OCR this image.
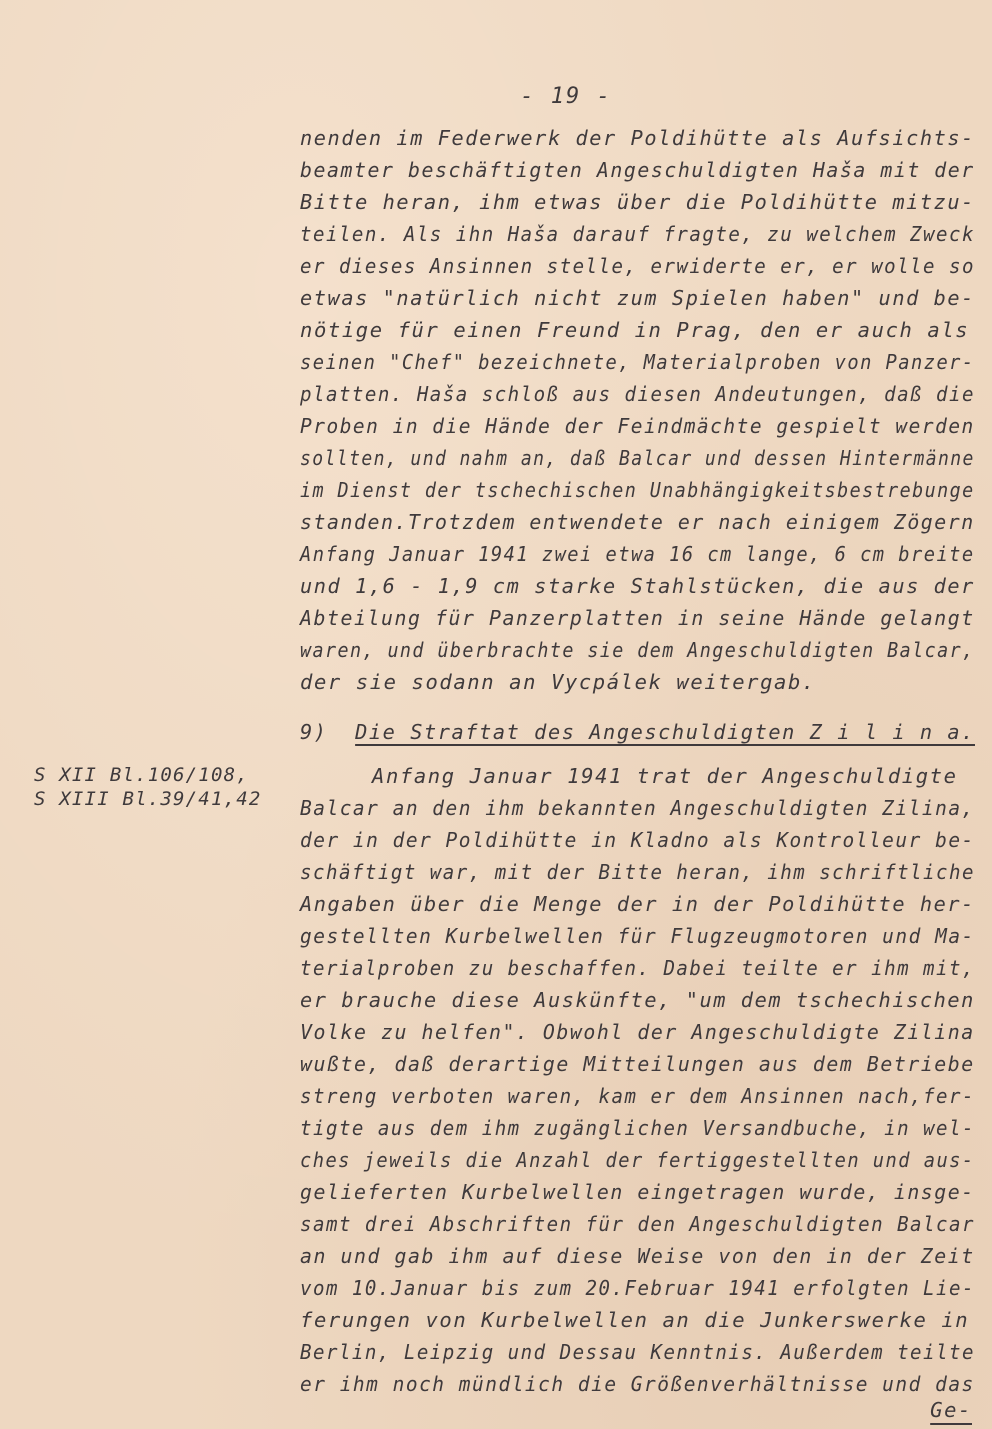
- 19 -
nenden im Federwerk der Poldihütte als Aufsichts-
beamter beschäftigten Angeschuldigten Haša mit der
Bitte heran, ihm etwas über die Poldihütte mitzu-
teilen. Als ihn Haša darauf fragte, zu welchem Zweck
er dieses Ansinnen stelle, erwiderte er, er wolle so
etwas "natürlich nicht zum Spielen haben" und be-
nötige für einen Freund in Prag, den er auch als
seinen "Chef" bezeichnete, Materialproben von Panzer-
platten. Haša schloß aus diesen Andeutungen, daß die
Proben in die Hände der Feindmächte gespielt werden
sollten, und nahm an, daß Balcar und dessen Hintermänne
im Dienst der tschechischen Unabhängigkeitsbestrebunge
standen.Trotzdem entwendete er nach einigem Zögern
Anfang Januar 1941 zwei etwa 16 cm lange, 6 cm breite
und 1,6 - 1,9 cm starke Stahlstücken, die aus der
Abteilung für Panzerplatten in seine Hände gelangt
waren, und überbrachte sie dem Angeschuldigten Balcar,
der sie sodann an Vycpálek weitergab.
9) Die Straftat des Angeschuldigten Z i l i n a.
S XII Bl.106/108,
S XIII Bl.39/41,42
Anfang Januar 1941 trat der Angeschuldigte
Balcar an den ihm bekannten Angeschuldigten Zilina,
der in der Poldihütte in Kladno als Kontrolleur be-
schäftigt war, mit der Bitte heran, ihm schriftliche
Angaben über die Menge der in der Poldihütte her-
gestellten Kurbelwellen für Flugzeugmotoren und Ma-
terialproben zu beschaffen. Dabei teilte er ihm mit,
er brauche diese Auskünfte, "um dem tschechischen
Volke zu helfen". Obwohl der Angeschuldigte Zilina
wußte, daß derartige Mitteilungen aus dem Betriebe
streng verboten waren, kam er dem Ansinnen nach,fer-
tigte aus dem ihm zugänglichen Versandbuche, in wel-
ches jeweils die Anzahl der fertiggestellten und aus-
gelieferten Kurbelwellen eingetragen wurde, insge-
samt drei Abschriften für den Angeschuldigten Balcar
an und gab ihm auf diese Weise von den in der Zeit
vom 10.Januar bis zum 20.Februar 1941 erfolgten Lie-
ferungen von Kurbelwellen an die Junkerswerke in
Berlin, Leipzig und Dessau Kenntnis. Außerdem teilte
er ihm noch mündlich die Größenverhältnisse und das
Ge-
